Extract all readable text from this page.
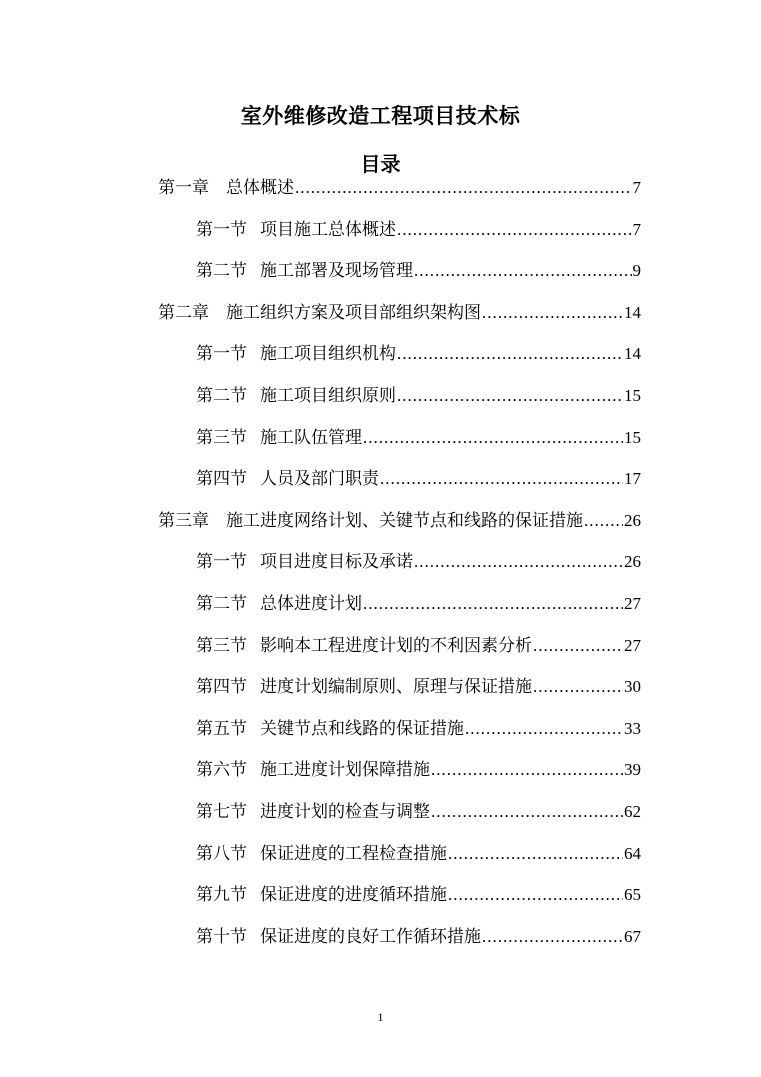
室外维修改造工程项目技术标
目录
第一章	总体概述 .....	7
第一节 项目施工总体概述 .....	7
第二节 施工部署及现场管理 .....	9
第二章	施工组织方案及项目部组织架构图 .....	14
第一节 施工项目组织机构 .....	14
第二节 施工项目组织原则 .....	15
第三节 施工队伍管理 .....	15
第四节 人员及部门职责 .....	17
第三章	施工进度网络计划、关键节点和线路的保证措施 ..... 26
第一节 项目进度目标及承诺 .....	26
第二节 总体进度计划 .....	27
第三节 影响本工程进度计划的不利因素分析 .....	27
第四节 进度计划编制原则、原理与保证措施 .....	30
第五节 关键节点和线路的保证措施 .....	33
第六节 施工进度计划保障措施 .....	39
第七节 进度计划的检查与调整 .....	62
第八节 保证进度的工程检查措施 .....	64
第九节 保证进度的进度循环措施 .....	65
第十节 保证进度的良好工作循环措施 .....	67
1
